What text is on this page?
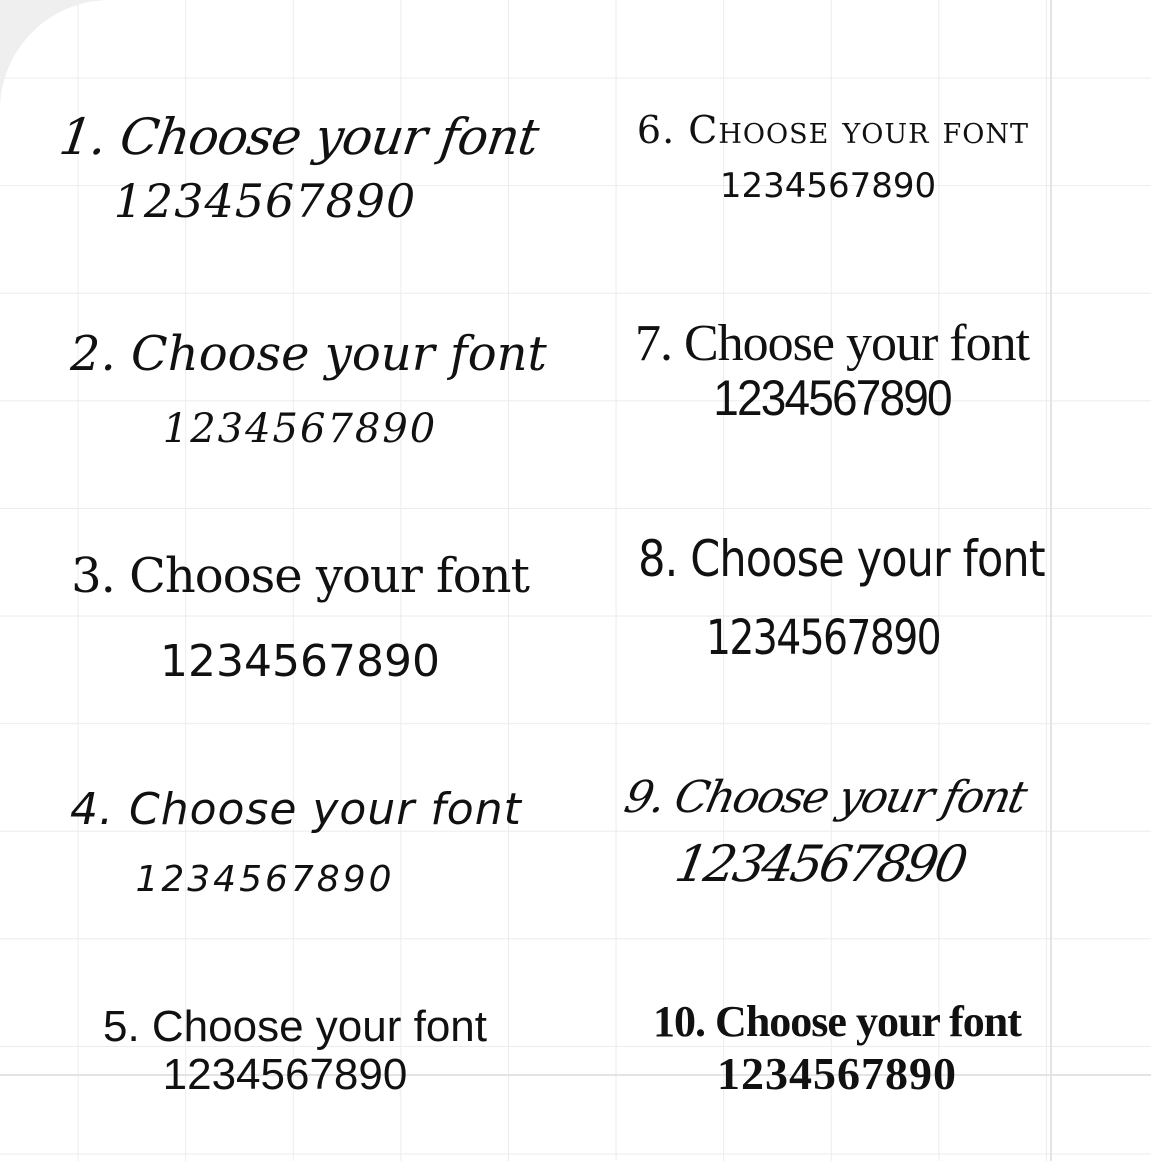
1. Choose your font
1234567890
2. Choose your font
1234567890
3. Choose your font
1234567890
4. Choose your font
1234567890
5. Choose your font
1234567890
6. Choose your font
1234567890
7. Choose your font
1234567890
8. Choose your font
1234567890
9. Choose your font
1234567890
10. Choose your font
1234567890
